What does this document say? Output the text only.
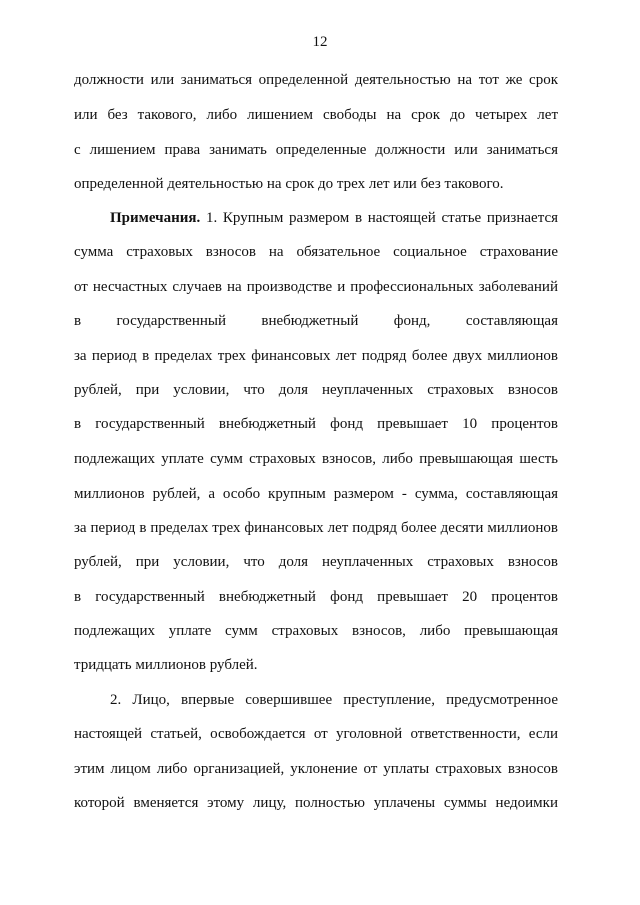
12
должности или заниматься определенной деятельностью на тот же срок
или без такового, либо лишением свободы на срок до четырех лет
с лишением права занимать определенные должности или заниматься
определенной деятельностью на срок до трех лет или без такового.
Примечания. 1. Крупным размером в настоящей статье признается
сумма страховых взносов на обязательное социальное страхование
от несчастных случаев на производстве и профессиональных заболеваний
в государственный внебюджетный фонд, составляющая
за период в пределах трех финансовых лет подряд более двух миллионов
рублей, при условии, что доля неуплаченных страховых взносов
в государственный внебюджетный фонд превышает 10 процентов
подлежащих уплате сумм страховых взносов, либо превышающая шесть
миллионов рублей, а особо крупным размером - сумма, составляющая
за период в пределах трех финансовых лет подряд более десяти миллионов
рублей, при условии, что доля неуплаченных страховых взносов
в государственный внебюджетный фонд превышает 20 процентов
подлежащих уплате сумм страховых взносов, либо превышающая
тридцать миллионов рублей.
2. Лицо, впервые совершившее преступление, предусмотренное
настоящей статьей, освобождается от уголовной ответственности, если
этим лицом либо организацией, уклонение от уплаты страховых взносов
которой вменяется этому лицу, полностью уплачены суммы недоимки
